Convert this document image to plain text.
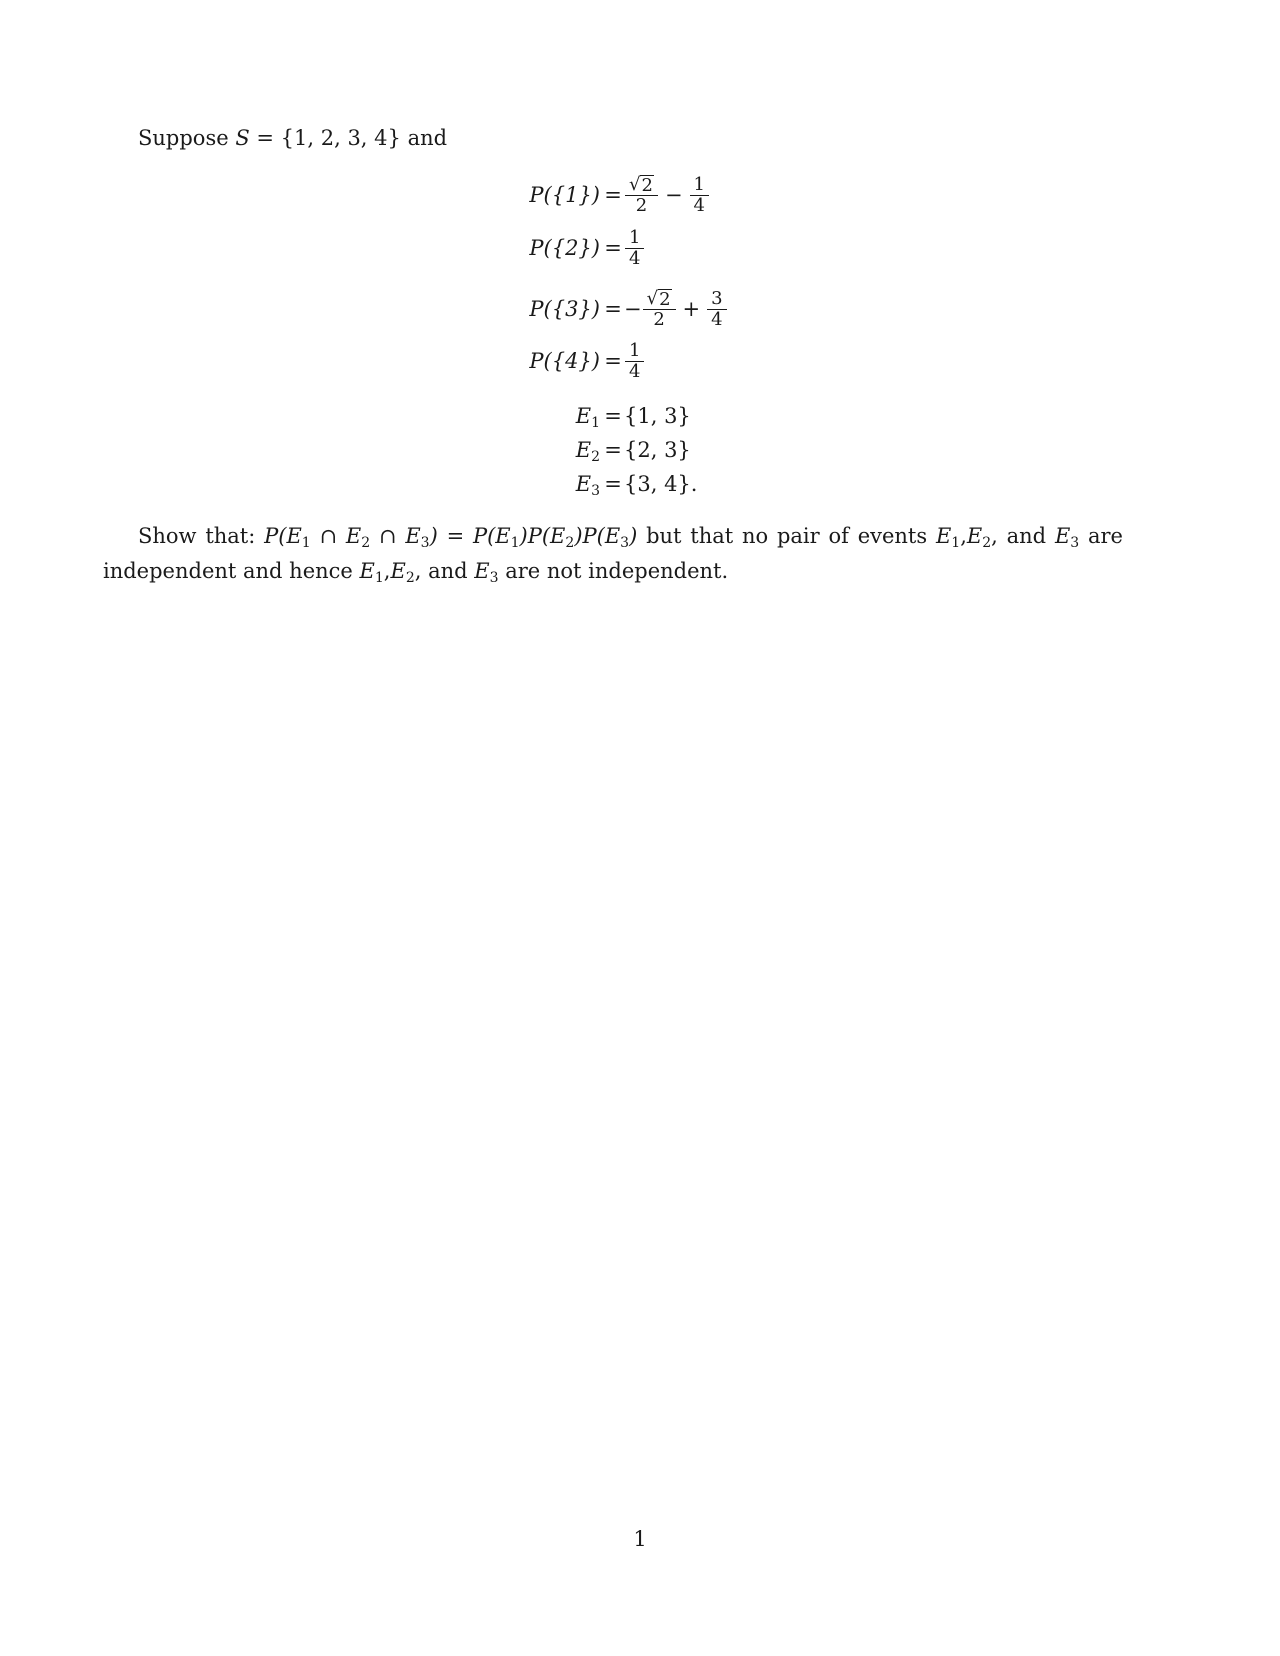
Suppose S = {1, 2, 3, 4} and
$P(\{1\}) = \frac{√ 2}{2} - \frac{1}{4}$
$P(\{2\}) = \frac{1}{4}$
P({3}) = − $\frac{√ 2}{2} + \frac{3}{4}$
$P(\{4\}) = \frac{1}{4}$
$E_1 = \{1$, 3}
$E_2 = \{2$, 3}
$E_3 = \{3$, 4}.
Show that: $P(E_1$ ∩ $E_2$ ∩ $E_3) = P(E_1)P(E_2)P(E_3)$ but that no pair of events $E_1,E_2$, and $E_3$ are independent and hence $E_1,E_2$, and $E_3$ are not independent.
1
